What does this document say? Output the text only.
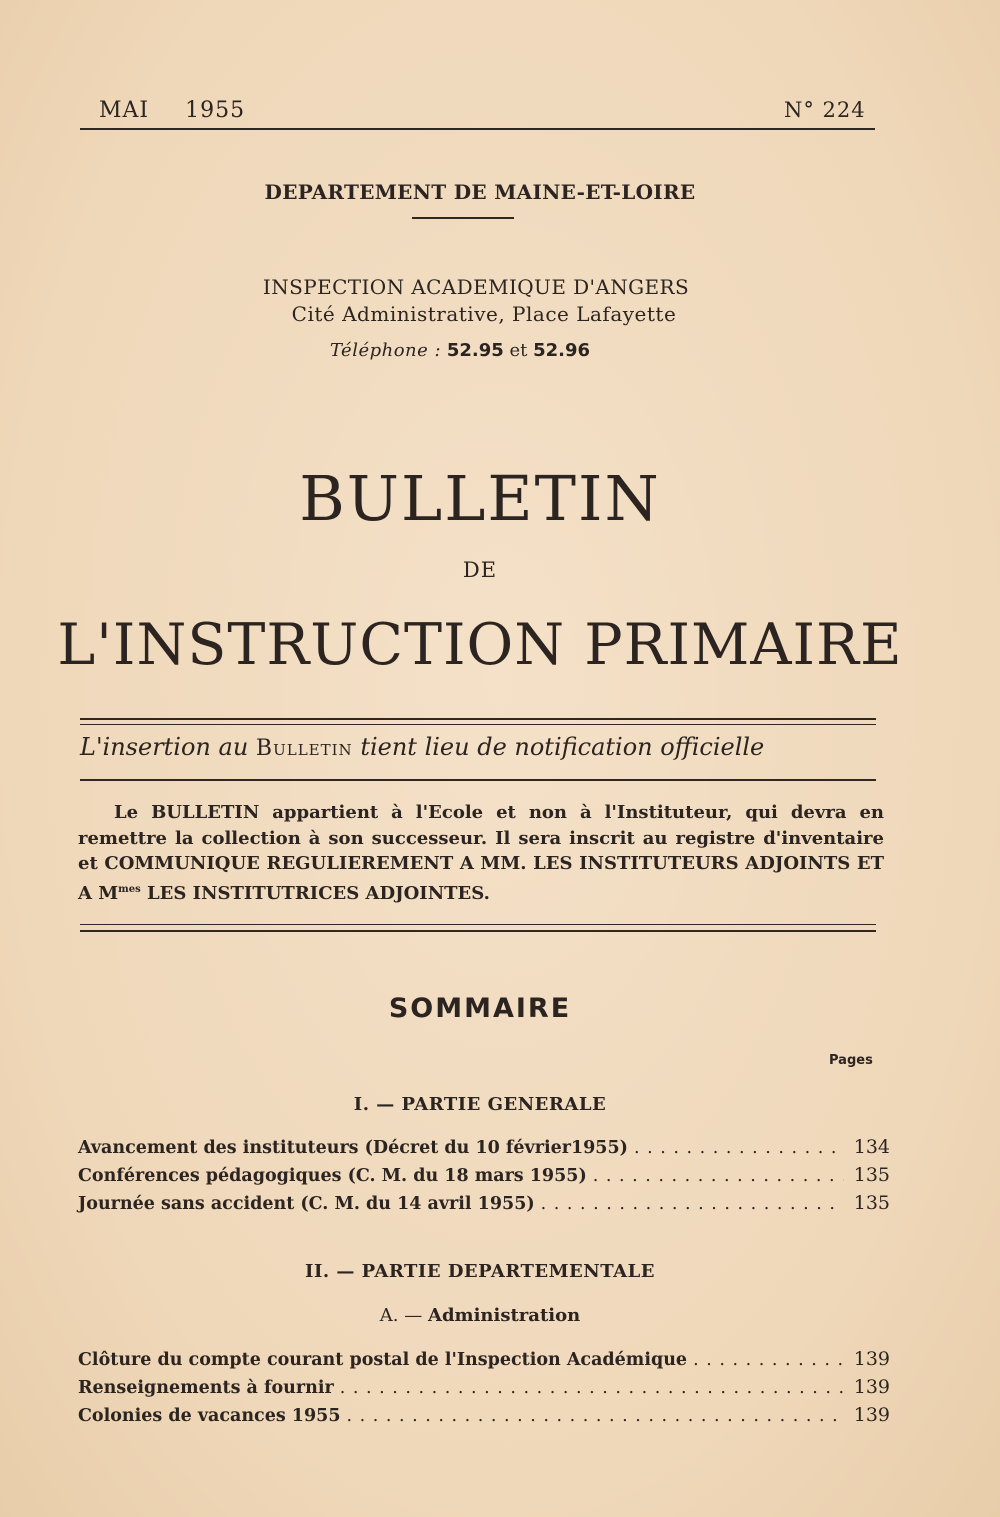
MAI 1955	N° 224
DEPARTEMENT DE MAINE-ET-LOIRE
INSPECTION ACADEMIQUE D'ANGERS
Cité Administrative, Place Lafayette
Téléphone : 52.95 et 52.96
BULLETIN
DE
L'INSTRUCTION PRIMAIRE
L'insertion au Bulletin tient lieu de notification officielle

Le BULLETIN appartient à l'Ecole et non à l'Instituteur, qui devra en remettre la collection à son successeur. Il sera inscrit au registre d'inventaire et COMMUNIQUE REGULIEREMENT A MM. LES INSTITUTEURS ADJOINTS ET A $M^{mes}$ LES INSTITUTRICES ADJOINTES.

SOMMAIRE
Pages
I. — PARTIE GENERALE
Avancement des instituteurs (Décret du 10 février1955) . . .	134
Conférences pédagogiques (C. M. du 18 mars 1955) . . .	135
Journée sans accident (C. M. du 14 avril 1955) . . .	135
II. — PARTIE DEPARTEMENTALE
A. — Administration
Clôture du compte courant postal de l'Inspection Académique . . .	139
Renseignements à fournir . . .	139
Colonies de vacances 1955 . . .	139
